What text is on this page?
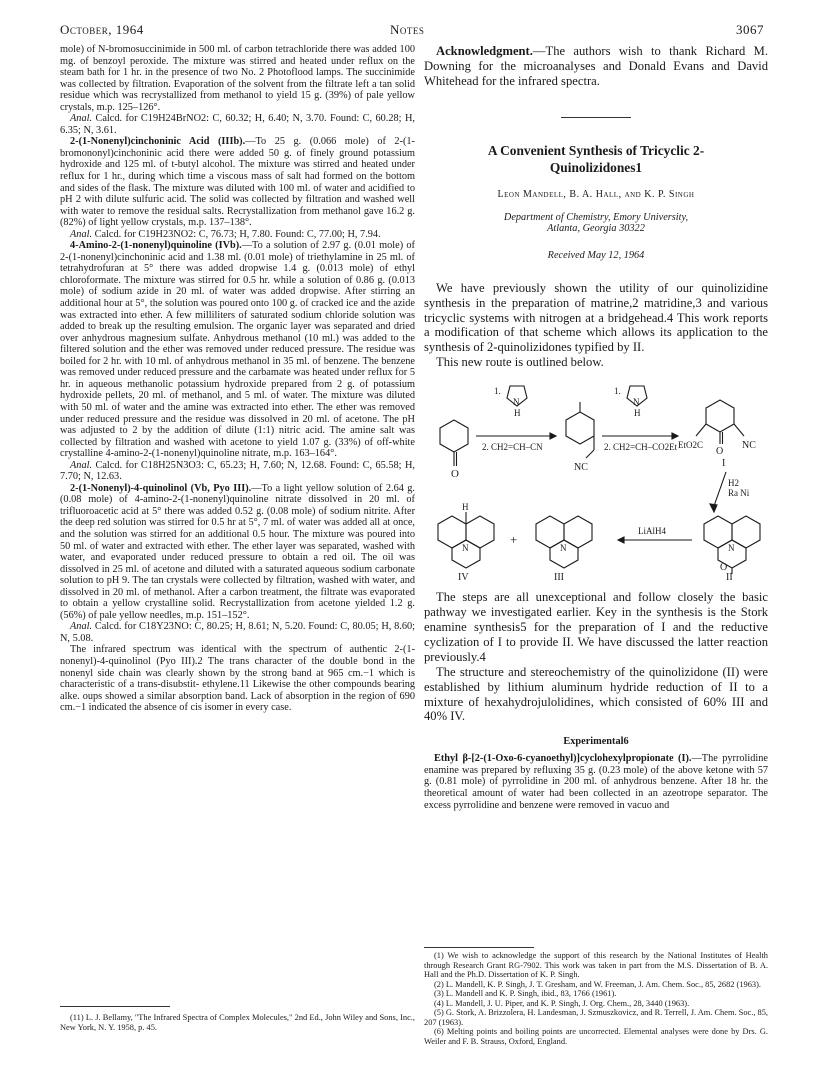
October, 1964	Notes	3067

mole) of N-bromosuccinimide in 500 ml. of carbon tetrachloride there was added 100 mg. of benzoyl peroxide. The mixture was stirred and heated under reflux on the steam bath for 1 hr. in the presence of two No. 2 Photoflood lamps. The succinimide was collected by filtration. Evaporation of the solvent from the filtrate left a tan solid residue which was recrystallized from methanol to yield 15 g. (39%) of pale yellow crystals, m.p. 125–126°.

Anal. Calcd. for C19H24BrNO2: C, 60.32; H, 6.40; N, 3.70. Found: C, 60.28; H, 6.35; N, 3.61.

2-(1-Nonenyl)cinchoninic Acid (IIIb).—To 25 g. (0.066 mole) of 2-(1-bromononyl)cinchoninic acid there were added 50 g. of finely ground potassium hydroxide and 125 ml. of t-butyl alcohol. The mixture was stirred and heated under reflux for 1 hr., during which time a viscous mass of salt had formed on the bottom and sides of the flask. The mixture was diluted with 100 ml. of water and acidified to pH 2 with dilute sulfuric acid. The solid was collected by filtration and washed well with water to remove the residual salts. Recrystallization from methanol gave 16.2 g. (82%) of light yellow crystals, m.p. 137–138°.

Anal. Calcd. for C19H23NO2: C, 76.73; H, 7.80. Found: C, 77.00; H, 7.94.

4-Amino-2-(1-nonenyl)quinoline (IVb).—To a solution of 2.97 g. (0.01 mole) of 2-(1-nonenyl)cinchoninic acid and 1.38 ml. (0.01 mole) of triethylamine in 25 ml. of tetrahydrofuran at 5° there was added dropwise 1.4 g. (0.013 mole) of ethyl chloroformate. The mixture was stirred for 0.5 hr. while a solution of 0.86 g. (0.013 mole) of sodium azide in 20 ml. of water was added dropwise. After stirring an additional hour at 5°, the solution was poured onto 100 g. of cracked ice and the azide was extracted into ether. A few milliliters of saturated sodium chloride solution was added to break up the resulting emulsion. The organic layer was separated and dried over anhydrous magnesium sulfate. Anhydrous methanol (10 ml.) was added to the filtered solution and the ether was removed under reduced pressure. The residue was boiled for 2 hr. with 10 ml. of anhydrous methanol in 35 ml. of benzene. The benzene was removed under reduced pressure and the carbamate was heated under reflux for 5 hr. in aqueous methanolic potassium hydroxide prepared from 2 g. of potassium hydroxide pellets, 20 ml. of methanol, and 5 ml. of water. The mixture was diluted with 50 ml. of water and the amine was extracted into ether. The ether was removed under reduced pressure and the residue was dissolved in 20 ml. of acetone. The pH was adjusted to 2 by the addition of dilute (1:1) nitric acid. The amine salt was collected by filtration and washed with acetone to yield 1.07 g. (33%) of off-white crystalline 4-amino-2-(1-nonenyl)quinoline nitrate, m.p. 163–164°.

Anal. Calcd. for C18H25N3O3: C, 65.23; H, 7.60; N, 12.68. Found: C, 65.58; H, 7.70; N, 12.63.

2-(1-Nonenyl)-4-quinolinol (Vb, Pyo III).—To a light yellow solution of 2.64 g. (0.08 mole) of 4-amino-2-(1-nonenyl)quinoline nitrate dissolved in 20 ml. of trifluoroacetic acid at 5° there was added 0.52 g. (0.08 mole) of sodium nitrite. After the deep red solution was stirred for 0.5 hr at 5°, 7 ml. of water was added all at once, and the solution was stirred for an additional 0.5 hour. The mixture was poured into 50 ml. of water and extracted with ether. The ether layer was separated, washed with water, and evaporated under reduced pressure to obtain a red oil. The oil was dissolved in 25 ml. of acetone and diluted with a saturated aqueous sodium carbonate solution to pH 9. The tan crystals were collected by filtration, washed with water, and dissolved in 20 ml. of methanol. After a carbon treatment, the filtrate was evaporated to obtain a yellow crystalline solid. Recrystallization from acetone yielded 1.2 g. (56%) of pale yellow needles, m.p. 151–152°.

Anal. Calcd. for C18Y23NO: C, 80.25; H, 8.61; N, 5.20. Found: C, 80.05; H, 8.60; N, 5.08.

The infrared spectrum was identical with the spectrum of authentic 2-(1-nonenyl)-4-quinolinol (Pyo III).2 The trans character of the double bond in the nonenyl side chain was clearly shown by the strong band at 965 cm.−1 which is characteristic of a trans-disubstit- ethylene.11 Likewise the other compounds bearing alke. oups showed a similar absorption band. Lack of absorption in the region of 690 cm.−1 indicated the absence of cis isomer in every case.

(11) L. J. Bellamy, "The Infrared Spectra of Complex Molecules," 2nd Ed., John Wiley and Sons, Inc., New York, N. Y. 1958, p. 45.

Acknowledgment.—The authors wish to thank Richard M. Downing for the microanalyses and Donald Evans and David Whitehead for the infrared spectra.

A Convenient Synthesis of Tricyclic 2-Quinolizidones1

Leon Mandell, B. A. Hall, and K. P. Singh

Department of Chemistry, Emory University,

Atlanta, Georgia 30322

Received May 12, 1964

We have previously shown the utility of our quinolizidine synthesis in the preparation of matrine,2 matridine,3 and various tricyclic systems with nitrogen at a bridgehead.4 This work reports a modification of that scheme which allows its application to the synthesis of 2-quinolizidones typified by II.

This new route is outlined below.

O
1.
N
H
2. CH2=CH–CN
NC
1.
N
H
2. CH2=CH–CO2Et	O
EtO2C	NC
I
H2
Ra Ni
N
O
II
LiAlH4
N
III
+
H
N
IV

The steps are all unexceptional and follow closely the basic pathway we investigated earlier. Key in the synthesis is the Stork enamine synthesis5 for the preparation of I and the reductive cyclization of I to provide II. We have discussed the latter reaction previously.4

The structure and stereochemistry of the quinolizidone (II) were established by lithium aluminum hydride reduction of II to a mixture of hexahydrojulolidines, which consisted of 60% III and 40% IV.

Experimental6

Ethyl β-[2-(1-Oxo-6-cyanoethyl)]cyclohexylpropionate (I).—The pyrrolidine enamine was prepared by refluxing 35 g. (0.23 mole) of the above ketone with 57 g. (0.81 mole) of pyrrolidine in 200 ml. of anhydrous benzene. After 18 hr. the theoretical amount of water had been collected in an azeotrope separator. The excess pyrrolidine and benzene were removed in vacuo and

(1) We wish to acknowledge the support of this research by the National Institutes of Health through Research Grant RG-7902. This work was taken in part from the M.S. Dissertation of B. A. Hall and the Ph.D. Dissertation of K. P. Singh.

(2) L. Mandell, K. P. Singh, J. T. Gresham, and W. Freeman, J. Am. Chem. Soc., 85, 2682 (1963).

(3) L. Mandell and K. P. Singh, ibid., 83, 1766 (1961).

(4) L. Mandell, J. U. Piper, and K. P. Singh, J. Org. Chem., 28, 3440 (1963).

(5) G. Stork, A. Brizzolera, H. Landesman, J. Szmuszkovicz, and R. Terrell, J. Am. Chem. Soc., 85, 207 (1963).

(6) Melting points and boiling points are uncorrected. Elemental analyses were done by Drs. G. Weiler and F. B. Strauss, Oxford, England.
